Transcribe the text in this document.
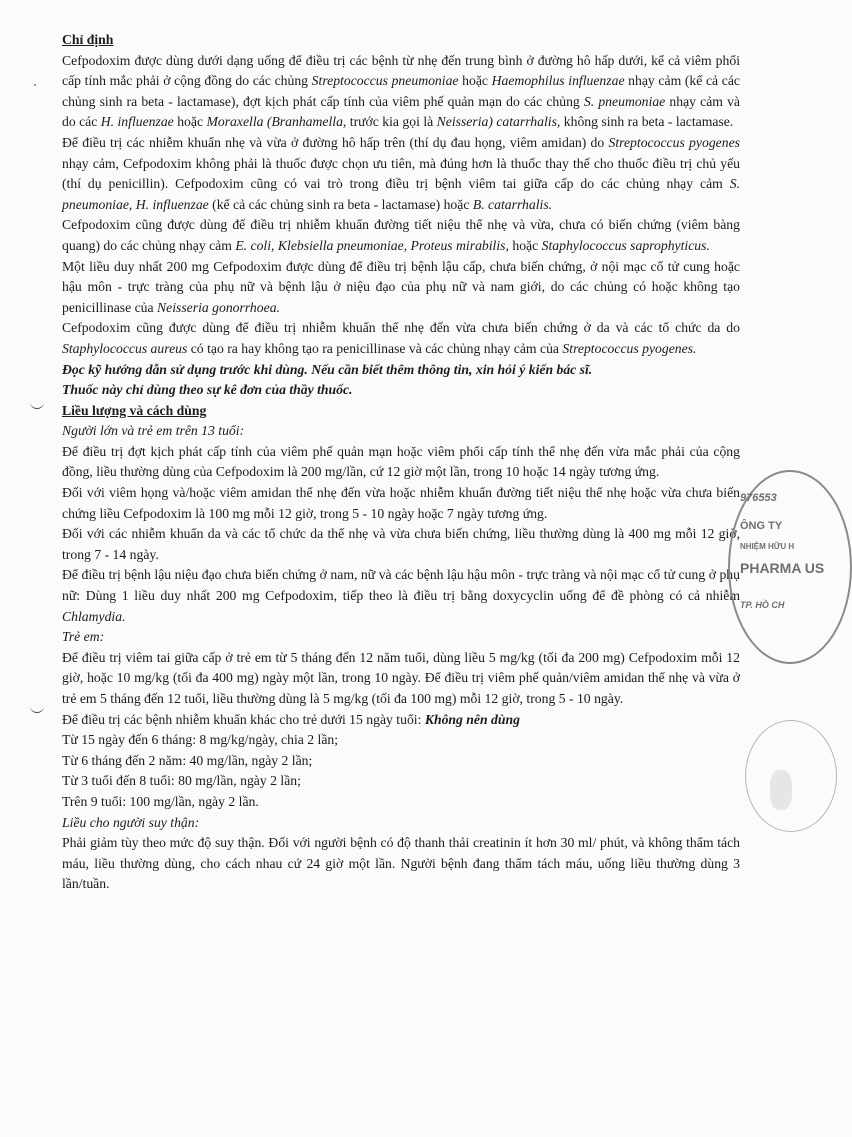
Chỉ định

Cefpodoxim được dùng dưới dạng uống để điều trị các bệnh từ nhẹ đến trung bình ở đường hô hấp dưới, kể cả viêm phổi cấp tính mắc phải ở cộng đồng do các chủng Streptococcus pneumoniae hoặc Haemophilus influenzae nhạy cảm (kể cả các chủng sinh ra beta - lactamase), đợt kịch phát cấp tính của viêm phế quản mạn do các chủng S. pneumoniae nhạy cảm và do các H. influenzae hoặc Moraxella (Branhamella, trước kia gọi là Neisseria) catarrhalis, không sinh ra beta - lactamase.

Để điều trị các nhiễm khuẩn nhẹ và vừa ở đường hô hấp trên (thí dụ đau họng, viêm amidan) do Streptococcus pyogenes nhạy cảm, Cefpodoxim không phải là thuốc được chọn ưu tiên, mà đúng hơn là thuốc thay thế cho thuốc điều trị chủ yếu (thí dụ penicillin). Cefpodoxim cũng có vai trò trong điều trị bệnh viêm tai giữa cấp do các chủng nhạy cảm S. pneumoniae, H. influenzae (kể cả các chủng sinh ra beta - lactamase) hoặc B. catarrhalis.

Cefpodoxim cũng được dùng để điều trị nhiễm khuẩn đường tiết niệu thể nhẹ và vừa, chưa có biến chứng (viêm bàng quang) do các chủng nhạy cảm E. coli, Klebsiella pneumoniae, Proteus mirabilis, hoặc Staphylococcus saprophyticus.

Một liều duy nhất 200 mg Cefpodoxim được dùng để điều trị bệnh lậu cấp, chưa biến chứng, ở nội mạc cổ tử cung hoặc hậu môn - trực tràng của phụ nữ và bệnh lậu ở niệu đạo của phụ nữ và nam giới, do các chủng có hoặc không tạo penicillinase của Neisseria gonorrhoea.

Cefpodoxim cũng được dùng để điều trị nhiễm khuẩn thể nhẹ đến vừa chưa biến chứng ở da và các tổ chức da do Staphylococcus aureus có tạo ra hay không tạo ra penicillinase và các chủng nhạy cảm của Streptococcus pyogenes.

Đọc kỹ hướng dẫn sử dụng trước khi dùng. Nếu cần biết thêm thông tin, xin hỏi ý kiến bác sĩ.

Thuốc này chỉ dùng theo sự kê đơn của thầy thuốc.

Liều lượng và cách dùng

Người lớn và trẻ em trên 13 tuổi:

Để điều trị đợt kịch phát cấp tính của viêm phế quản mạn hoặc viêm phổi cấp tính thể nhẹ đến vừa mắc phải của cộng đồng, liều thường dùng của Cefpodoxim là 200 mg/lần, cứ 12 giờ một lần, trong 10 hoặc 14 ngày tương ứng.

Đối với viêm họng và/hoặc viêm amidan thể nhẹ đến vừa hoặc nhiễm khuẩn đường tiết niệu thể nhẹ hoặc vừa chưa biến chứng liều Cefpodoxim là 100 mg mỗi 12 giờ, trong 5 - 10 ngày hoặc 7 ngày tương ứng.

Đối với các nhiễm khuẩn da và các tổ chức da thể nhẹ và vừa chưa biến chứng, liều thường dùng là 400 mg mỗi 12 giờ, trong 7 - 14 ngày.

Để điều trị bệnh lậu niệu đạo chưa biến chứng ở nam, nữ và các bệnh lậu hậu môn - trực tràng và nội mạc cổ tử cung ở phụ nữ: Dùng 1 liều duy nhất 200 mg Cefpodoxim, tiếp theo là điều trị bằng doxycyclin uống để đề phòng có cả nhiễm Chlamydia.

Trẻ em:

Để điều trị viêm tai giữa cấp ở trẻ em từ 5 tháng đến 12 năm tuổi, dùng liều 5 mg/kg (tối đa 200 mg) Cefpodoxim mỗi 12 giờ, hoặc 10 mg/kg (tối đa 400 mg) ngày một lần, trong 10 ngày. Để điều trị viêm phế quản/viêm amidan thể nhẹ và vừa ở trẻ em 5 tháng đến 12 tuổi, liều thường dùng là 5 mg/kg (tối đa 100 mg) mỗi 12 giờ, trong 5 - 10 ngày.

Để điều trị các bệnh nhiễm khuẩn khác cho trẻ dưới 15 ngày tuổi: Không nên dùng

Từ 15 ngày đến 6 tháng: 8 mg/kg/ngày, chia 2 lần;

Từ 6 tháng đến 2 năm: 40 mg/lần, ngày 2 lần;

Từ 3 tuổi đến 8 tuổi: 80 mg/lần, ngày 2 lần;

Trên 9 tuổi: 100 mg/lần, ngày 2 lần.

Liều cho người suy thận:

Phải giảm tùy theo mức độ suy thận. Đối với người bệnh có độ thanh thải creatinin ít hơn 30 ml/ phút, và không thẩm tách máu, liều thường dùng, cho cách nhau cứ 24 giờ một lần. Người bệnh đang thẩm tách máu, uống liều thường dùng 3 lần/tuần.

976553
ÔNG TY
NHIỆM HỮU H
PHARMA US
TP. HỒ CH
